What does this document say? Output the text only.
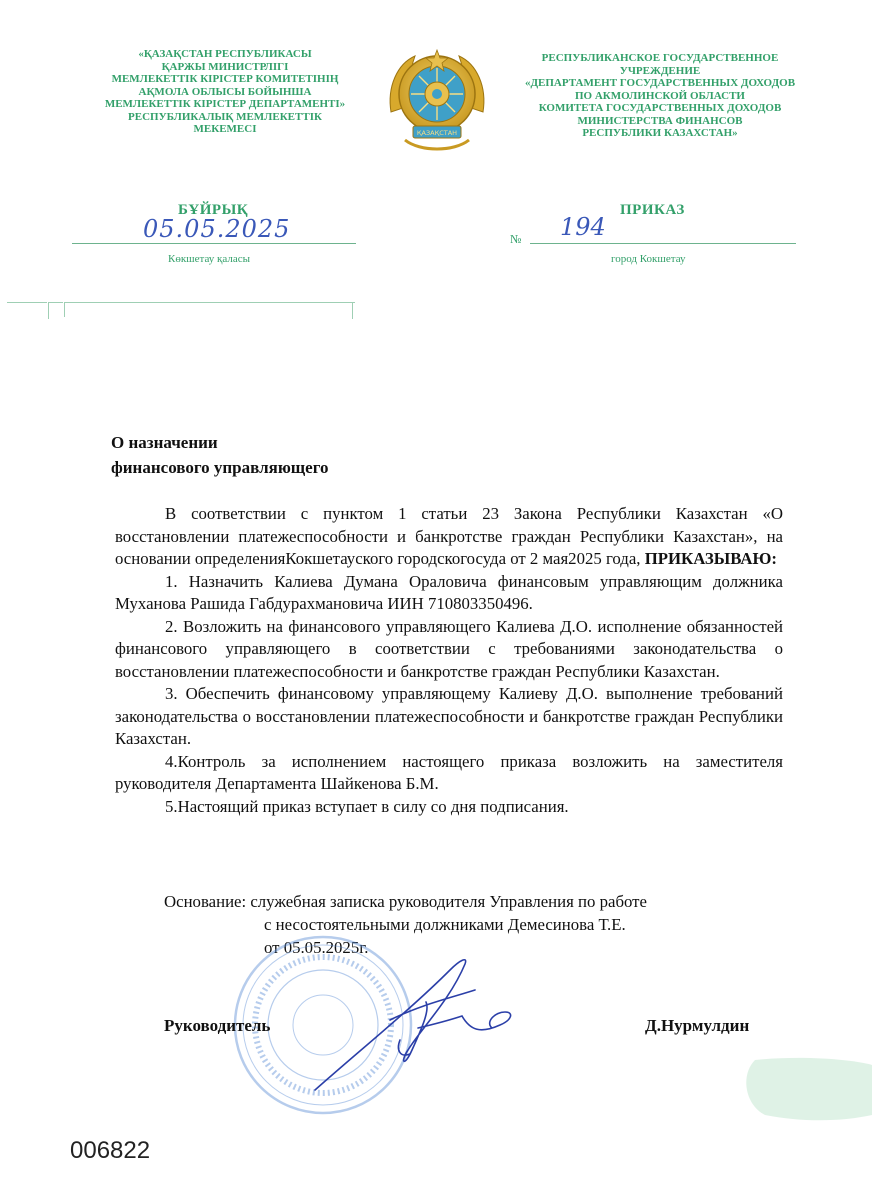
«ҚАЗАҚСТАН РЕСПУБЛИКАСЫ
ҚАРЖЫ МИНИСТРЛІГІ
МЕМЛЕКЕТТІК КІРІСТЕР КОМИТЕТІНІҢ
АҚМОЛА ОБЛЫСЫ БОЙЫНША
МЕМЛЕКЕТТІК КІРІСТЕР ДЕПАРТАМЕНТІ»
РЕСПУБЛИКАЛЫҚ МЕМЛЕКЕТТІК
МЕКЕМЕСІ	ҚАЗАҚСТАН
РЕСПУБЛИКАНСКОЕ ГОСУДАРСТВЕННОЕ
УЧРЕЖДЕНИЕ
«ДЕПАРТАМЕНТ ГОСУДАРСТВЕННЫХ ДОХОДОВ
ПО АКМОЛИНСКОЙ ОБЛАСТИ
КОМИТЕТА ГОСУДАРСТВЕННЫХ ДОХОДОВ
МИНИСТЕРСТВА ФИНАНСОВ
РЕСПУБЛИКИ КАЗАХСТАН»
БҰЙРЫҚ	ПРИКАЗ
05.05.2025	№ 194
Көкшетау қаласы	город Кокшетау
О назначении
финансового управляющего

В соответствии с пунктом 1 статьи 23 Закона Республики Казахстан «О восстановлении платежеспособности и банкротстве граждан Республики Казахстан», на основании определенияКокшетауского городскогосуда от 2 мая2025 года, ПРИКАЗЫВАЮ:

1. Назначить Калиева Думана Ораловича финансовым управляющим должника Муханова Рашида Габдурахмановича ИИН 710803350496.

2. Возложить на финансового управляющего Калиева Д.О. исполнение обязанностей финансового управляющего в соответствии с требованиями законодательства о восстановлении платежеспособности и банкротстве граждан Республики Казахстан.

3. Обеспечить финансовому управляющему Калиеву Д.О. выполнение требований законодательства о восстановлении платежеспособности и банкротстве граждан Республики Казахстан.

4.Контроль за исполнением настоящего приказа возложить на заместителя руководителя Департамента Шайкенова Б.М.

5.Настоящий приказ вступает в силу со дня подписания.

Основание: служебная записка руководителя Управления по работе
с несостоятельными должниками Демесинова Т.Е.
от 05.05.2025г.
Руководитель	Д.Нурмулдин
006822
